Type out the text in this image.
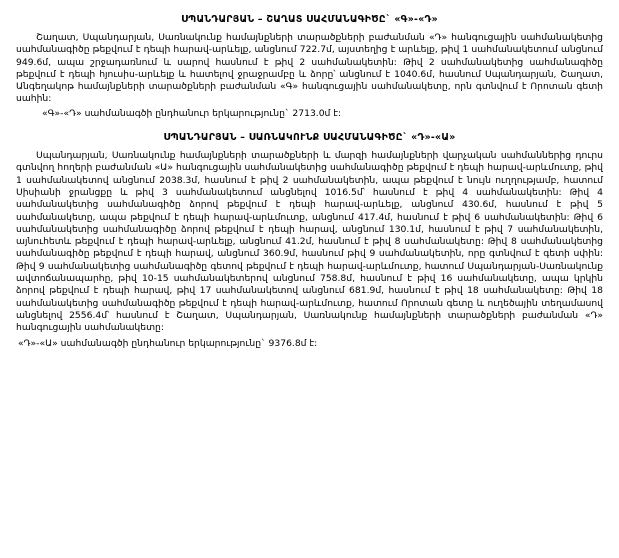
ՍՊԱՆԴԱՐՅԱՆ – ՇԱՂԱՏ ՍԱՀՄԱՆԱԳԻԾԸ` «Գ»-«Դ»

Շաղատ, Սպանդարյան, Սառնակունք համայնքների տարածքների բաժանման «Դ» հանգուցային սահմանակետից սահմանագիծը թեքվում է դեպի հարավ-արևելք, անցնում 722.7մ, այստեղից է արևելք, թիվ 1 սահմանակետում անցնում 949.6մ, ապա շրջադառնում և սարով հասնում է թիվ 2 սահմանակետին: Թիվ 2 սահմանակետից սահմանագիծը թեքվում է դեպի հյուսիս-արևելք և հատելով ջրաջրամբը և ձորը՝ անցնում է 1040.6մ, հասնում Սպանդարյան, Շաղատ, Անգեղակոթ համայնքների տարածքների բաժանման «Գ» հանգուցային սահմանակետը, որն գտնվում է Որոտան գետի սահին:

«Գ»-«Դ» սահմանագծի ընդհանուր երկարությունը` 2713.0մ է:

ՍՊԱՆԴԱՐՅԱՆ – ՍԱՌՆԱԿՈՒՆՔ ՍԱՀՄԱՆԱԳԻԾԸ` «Դ»-«Ա»

Սպանդարյան, Սառնակունք համայնքների տարածքների և մարզի համայնքների վարչական սահմաններից դուրս գտնվող հողերի բաժանման «Ա» հանգուցային սահմանակետից սահմանագիծը թեքվում է դեպի հարավ-արևմուտք, թիվ 1 սահմանակետով անցնում 2038.3մ, հասնում է թիվ 2 սահմանակետին, ապա թեքվում է նույն ուղղությամբ, հատում Սիսիանի ջրանցքը և թիվ 3 սահմանակետում անցնելով 1016.5մ՝ հասնում է թիվ 4 սահմանակետին: Թիվ 4 սահմանակետից սահմանագիծը ձորով թեքվում է դեպի հարավ-արևելք, անցնում 430.6մ, հասնում է թիվ 5 սահմանակետը, ապա թեքվում է դեպի հարավ-արևմուտք, անցնում 417.4մ, հասնում է թիվ 6 սահմանակետին: Թիվ 6 սահմանակետից սահմանագիծը ձորով թեքվում է դեպի հարավ, անցնում 130.1մ, հասնում է թիվ 7 սահմանակետին, այնուհետև թեքվում է դեպի հարավ-արևելք, անցնում 41.2մ, հասնում է թիվ 8 սահմանակետը: Թիվ 8 սահմանակետից սահմանագիծը թեքվում է դեպի հարավ, անցնում 360.9մ, հասնում թիվ 9 սահմանակետին, որը գտնվում է գետի սփին: Թիվ 9 սահմանակետից սահմանագիծը գետով թեքվում է դեպի հարավ-արևմուտք, հատում Սպանդարյան-Սառնակունք ավտոճանապարհը, թիվ 10-15 սահմանակետերով անցնում 758.8մ, հասնում է թիվ 16 սահմանակետը, ապա կրկին ձորով թեքվում է դեպի հարավ, թիվ 17 սահմանակետով անցնում 681.9մ, հասնում է թիվ 18 սահմանակետը: Թիվ 18 սահմանակետից սահմանագիծը թեքվում է դեպի հարավ-արևմուտք, հատում Որոտան գետը և ուղեծային տեղամասով անցնելով 2556.4մ՝ հասնում է Շաղատ, Սպանդարյան, Սառնակունք համայնքների տարածքների բաժանման «Դ» հանգուցային սահմանակետը:

«Դ»-«Ա» սահմանագծի ընդհանուր երկարությունը` 9376.8մ է:
